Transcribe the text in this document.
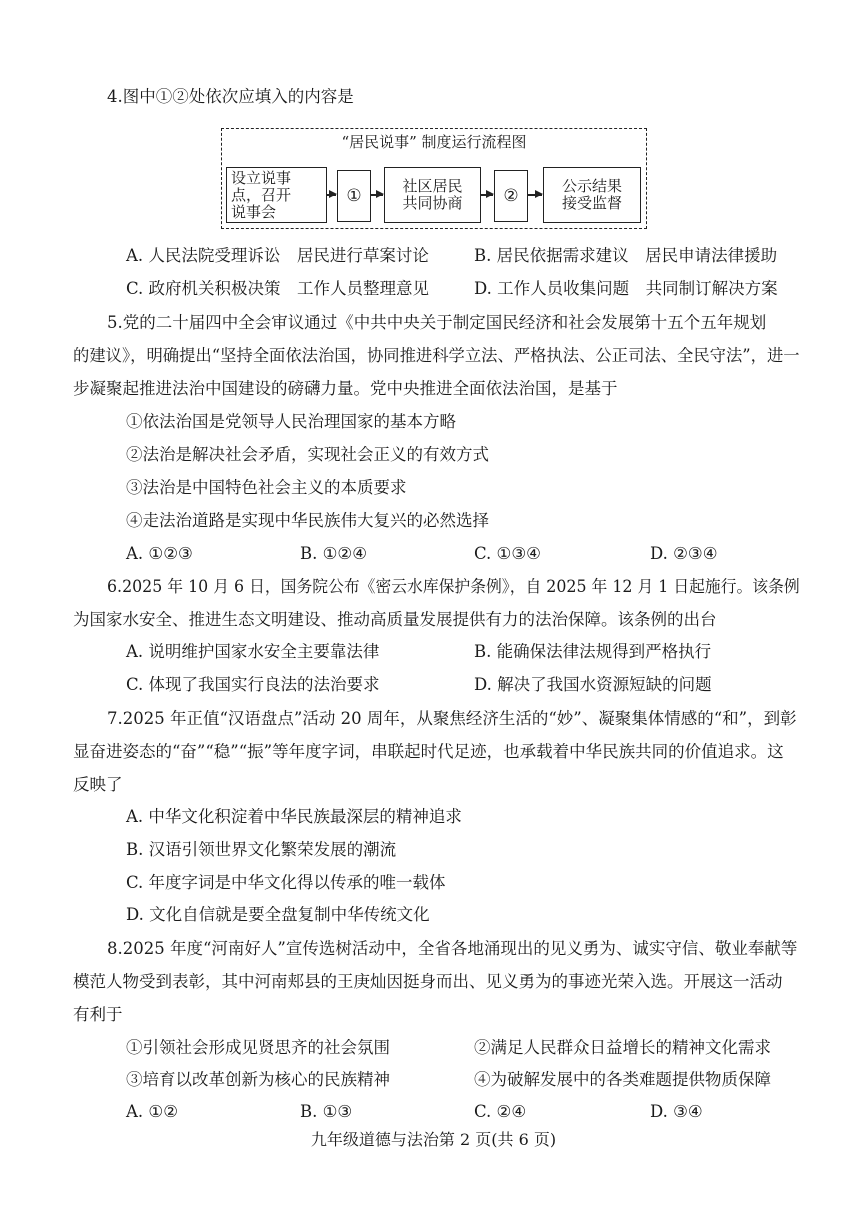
4.图中①②处依次应填入的内容是
“居民说事” 制度运行流程图
设立说事
点，召开
说事会
①	社区居民
共同协商	②	公示结果
接受监督
A. 人民法院受理诉讼　居民进行草案讨论	B. 居民依据需求建议　居民申请法律援助
C. 政府机关积极决策　工作人员整理意见	D. 工作人员收集问题　共同制订解决方案
5.党的二十届四中全会审议通过《中共中央关于制定国民经济和社会发展第十五个五年规划
的建议》，明确提出“坚持全面依法治国，协同推进科学立法、严格执法、公正司法、全民守法”，进一
步凝聚起推进法治中国建设的磅礴力量。党中央推进全面依法治国，是基于
①依法治国是党领导人民治理国家的基本方略
②法治是解决社会矛盾，实现社会正义的有效方式
③法治是中国特色社会主义的本质要求
④走法治道路是实现中华民族伟大复兴的必然选择
A. ①②③	B. ①②④	C. ①③④	D. ②③④
6.2025 年 10 月 6 日，国务院公布《密云水库保护条例》，自 2025 年 12 月 1 日起施行。该条例
为国家水安全、推进生态文明建设、推动高质量发展提供有力的法治保障。该条例的出台
A. 说明维护国家水安全主要靠法律	B. 能确保法律法规得到严格执行
C. 体现了我国实行良法的法治要求	D. 解决了我国水资源短缺的问题
7.2025 年正值“汉语盘点”活动 20 周年，从聚焦经济生活的“妙”、凝聚集体情感的“和”，到彰
显奋进姿态的“奋”“稳”“振”等年度字词，串联起时代足迹，也承载着中华民族共同的价值追求。这
反映了
A. 中华文化积淀着中华民族最深层的精神追求
B. 汉语引领世界文化繁荣发展的潮流
C. 年度字词是中华文化得以传承的唯一载体
D. 文化自信就是要全盘复制中华传统文化
8.2025 年度“河南好人”宣传选树活动中，全省各地涌现出的见义勇为、诚实守信、敬业奉献等
模范人物受到表彰，其中河南郏县的王庚灿因挺身而出、见义勇为的事迹光荣入选。开展这一活动
有利于
①引领社会形成见贤思齐的社会氛围	②满足人民群众日益增长的精神文化需求
③培育以改革创新为核心的民族精神	④为破解发展中的各类难题提供物质保障
A. ①②	B. ①③	C. ②④	D. ③④
九年级道德与法治第 2 页(共 6 页)
